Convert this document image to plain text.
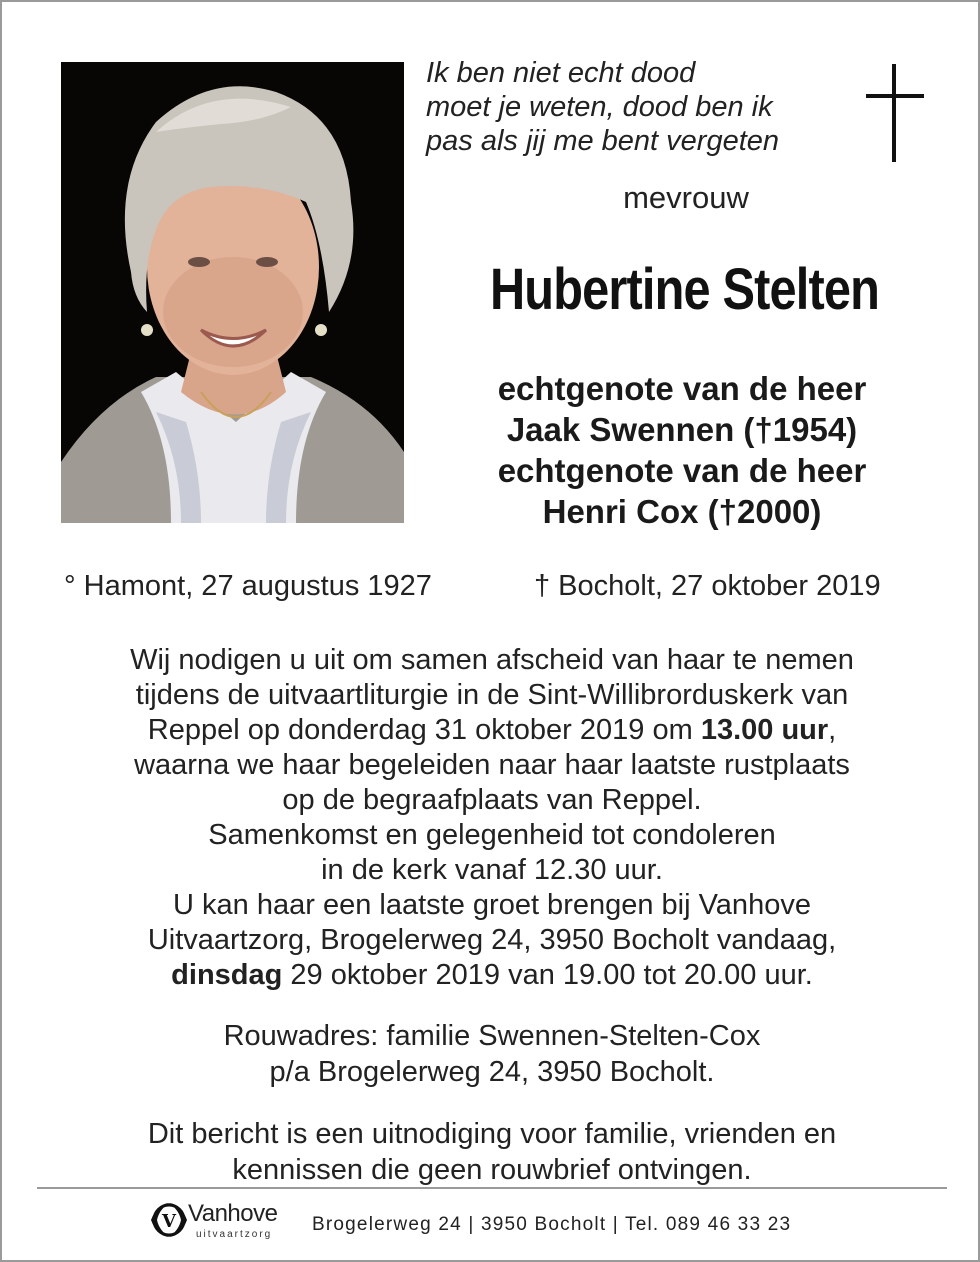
Ik ben niet echt dood
moet je weten, dood ben ik
pas als jij me bent vergeten
mevrouw
Hubertine Stelten
echtgenote van de heer
Jaak Swennen (†1954)
echtgenote van de heer
Henri Cox (†2000)
° Hamont, 27 augustus 1927	† Bocholt, 27 oktober 2019
Wij nodigen u uit om samen afscheid van haar te nemen
tijdens de uitvaartliturgie in de Sint-Willibrorduskerk van
Reppel op donderdag 31 oktober 2019 om 13.00 uur,
waarna we haar begeleiden naar haar laatste rustplaats
op de begraafplaats van Reppel.
Samenkomst en gelegenheid tot condoleren
in de kerk vanaf 12.30 uur.
U kan haar een laatste groet brengen bij Vanhove
Uitvaartzorg, Brogelerweg 24, 3950 Bocholt vandaag,
dinsdag 29 oktober 2019 van 19.00 tot 20.00 uur.
Rouwadres: familie Swennen-Stelten-Cox
p/a Brogelerweg 24, 3950 Bocholt.
Dit bericht is een uitnodiging voor familie, vrienden en
kennissen die geen rouwbrief ontvingen.
V Vanhove
uitvaartzorg Brogelerweg 24 | 3950 Bocholt | Tel. 089 46 33 23
